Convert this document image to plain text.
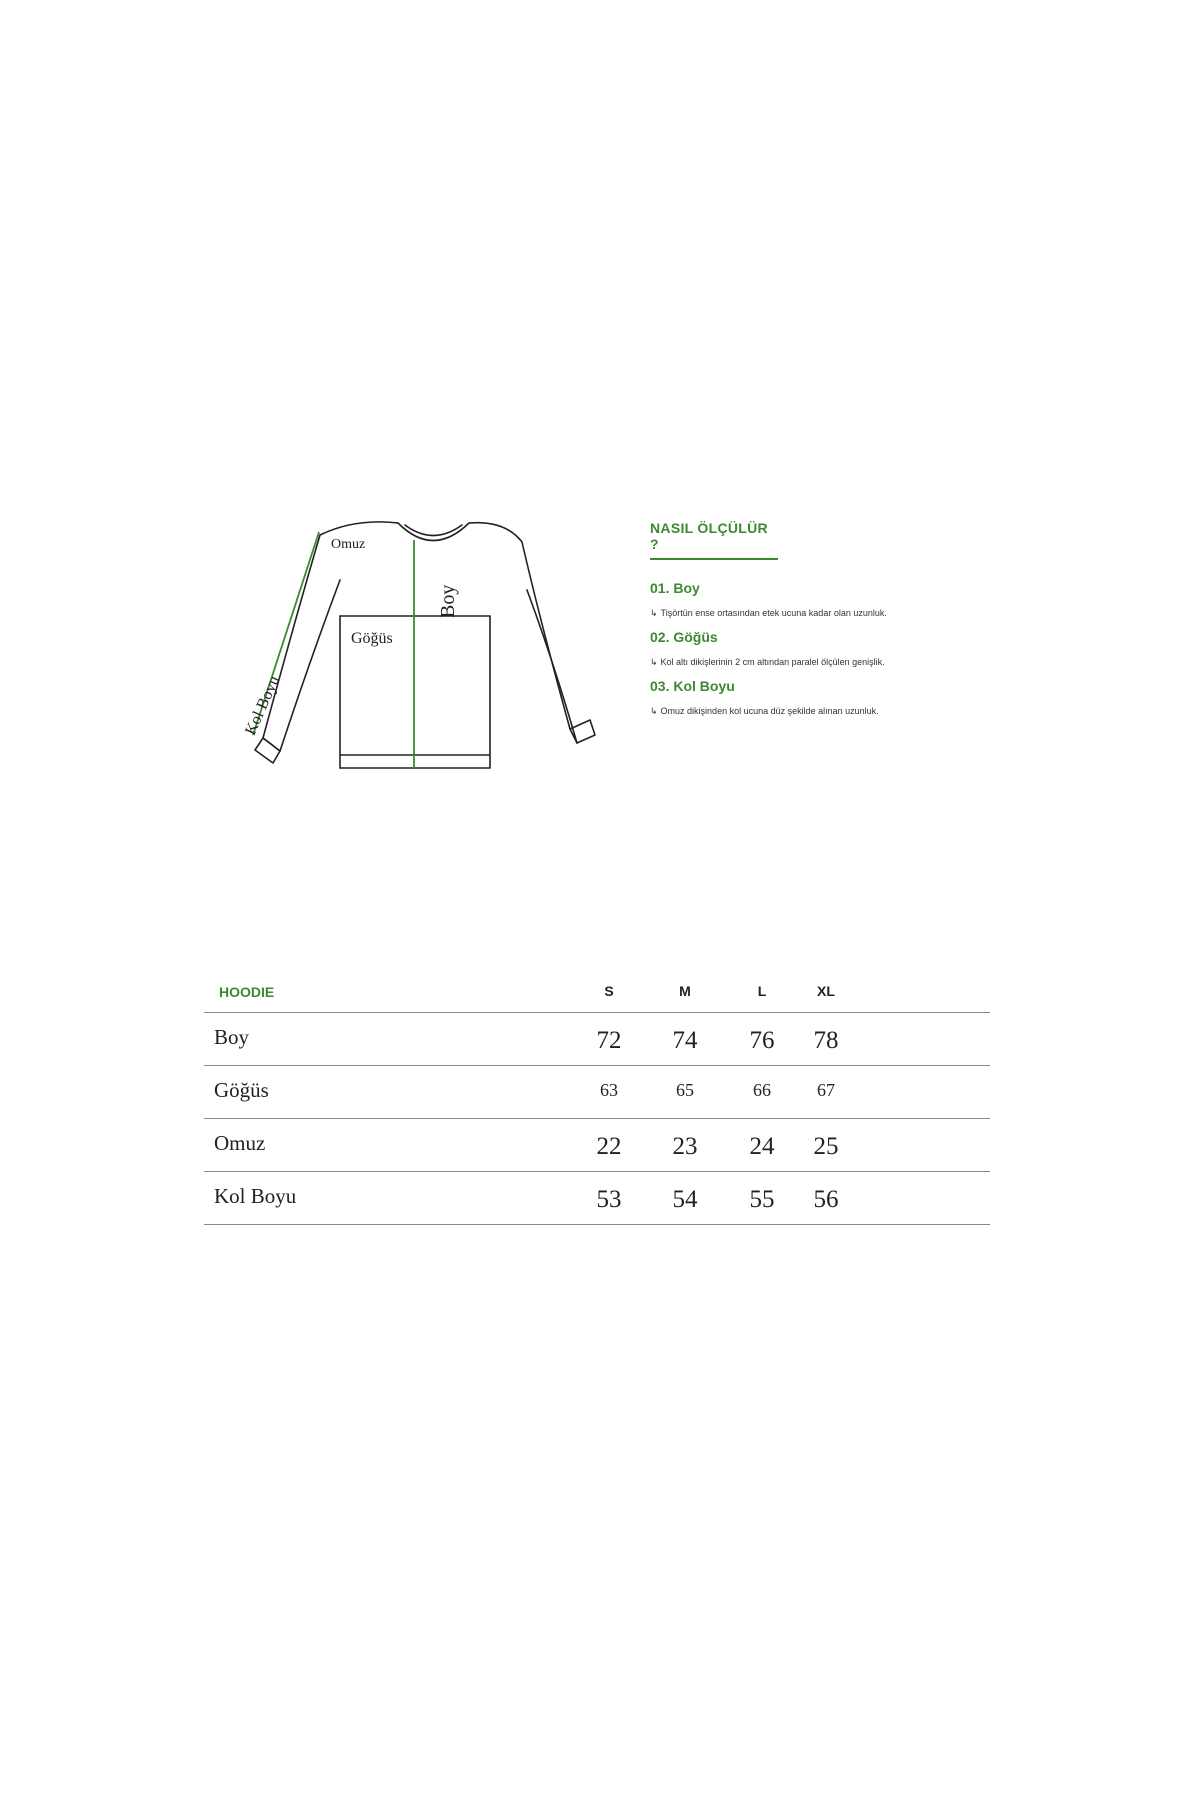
Omuz
Göğüs
Boy
Kol Boyu
NASIL ÖLÇÜLÜR ?
01. Boy
↳ Tişörtün ense ortasından etek ucuna kadar olan uzunluk.
02. Göğüs
↳ Kol altı dikişlerinin 2 cm altından paralel ölçülen genişlik.
03. Kol Boyu
↳ Omuz dikişinden kol ucuna düz şekilde alınan uzunluk.
HOODIE	S	M	L	XL
Boy	72	74	76	78
Göğüs	63	65	66	67
Omuz	22	23	24	25
Kol Boyu	53	54	55	56
